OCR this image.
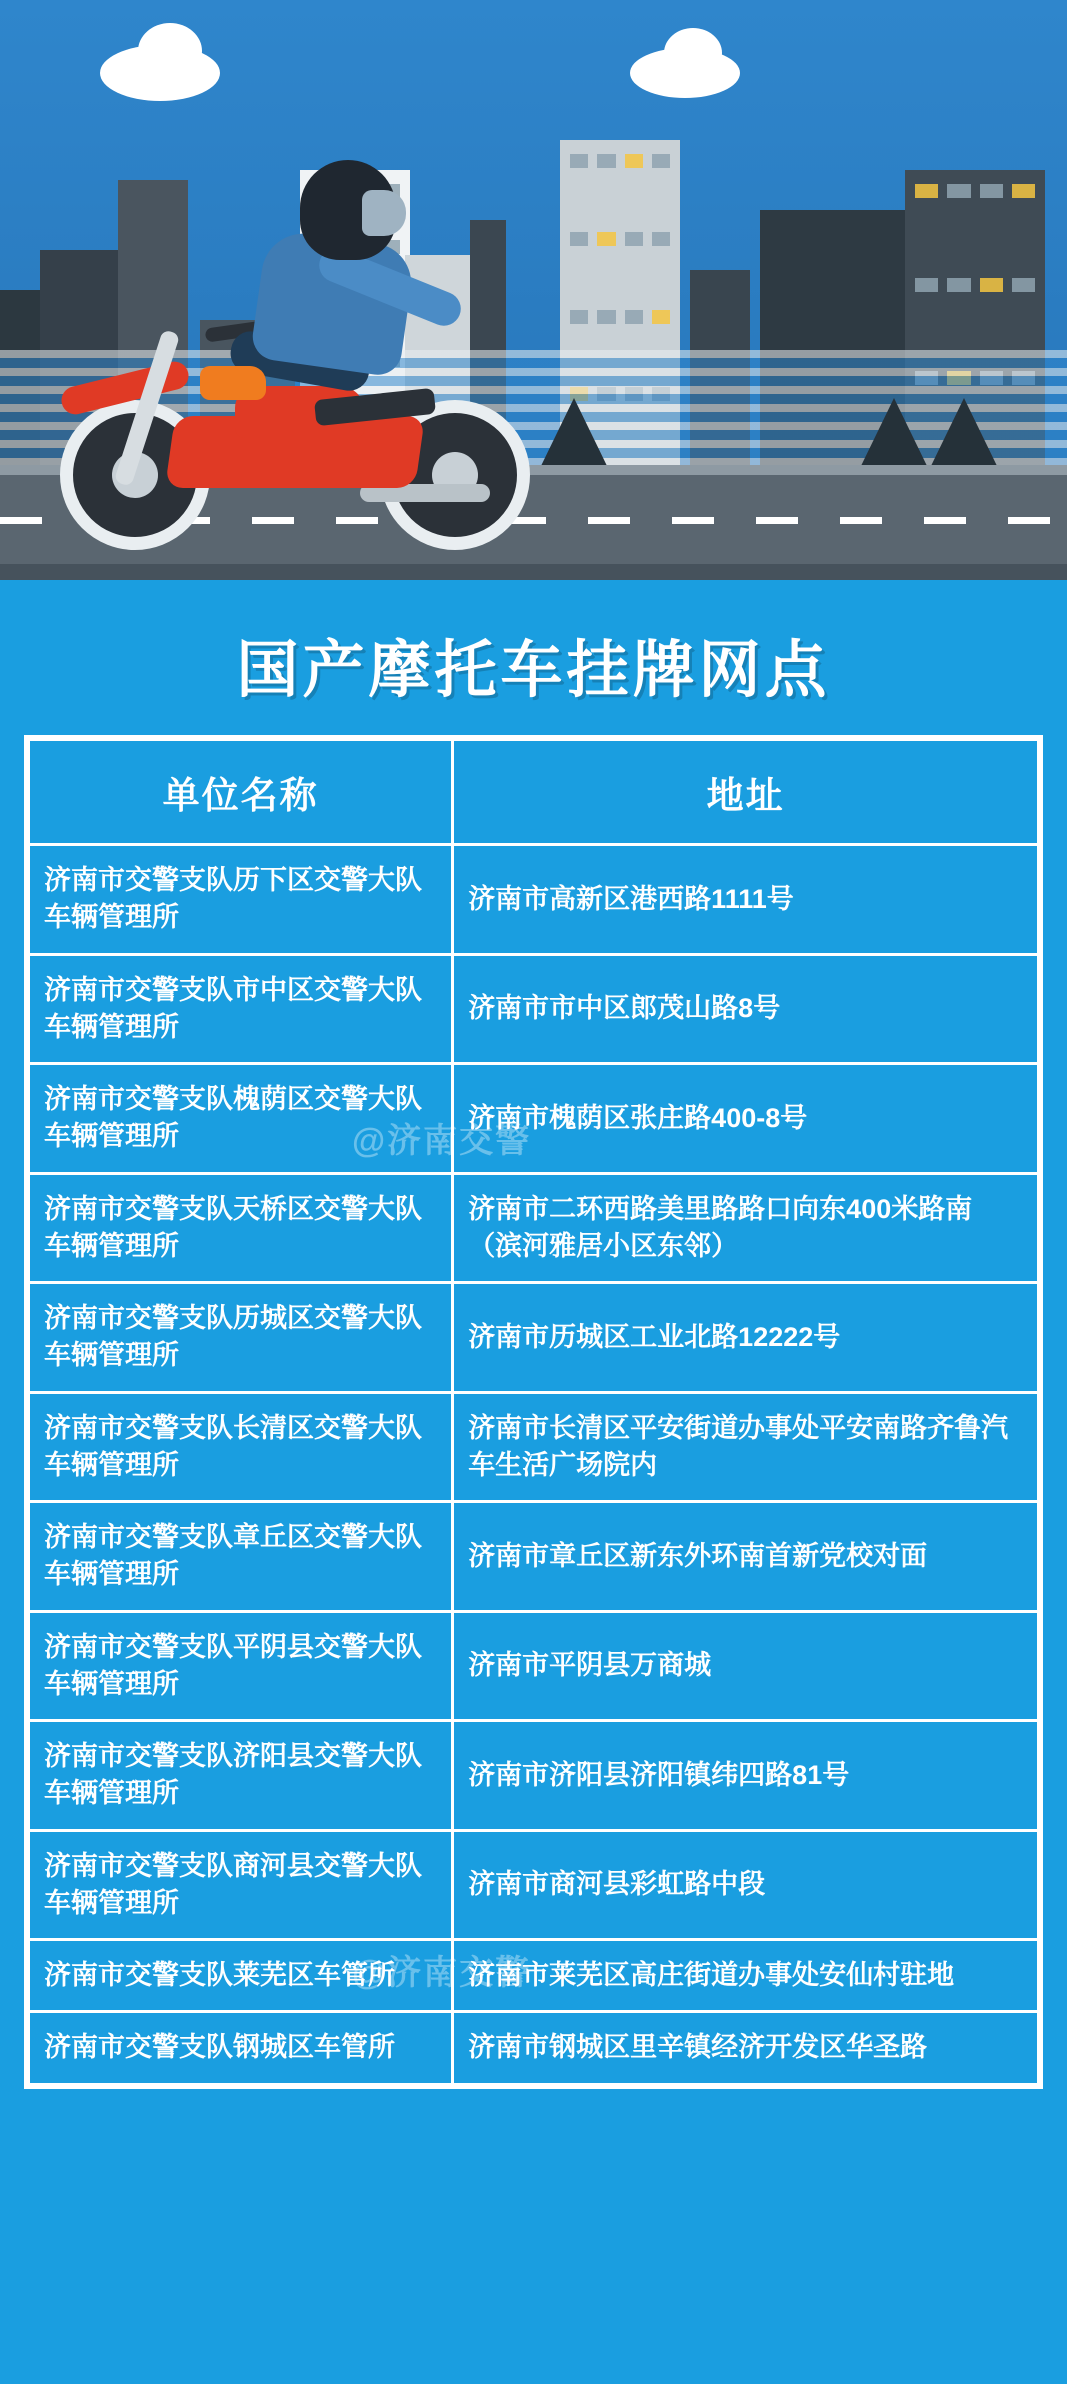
国产摩托车挂牌网点
单位名称	地址
济南市交警支队历下区交警大队车辆管理所	济南市高新区港西路1111号
济南市交警支队市中区交警大队车辆管理所	济南市市中区郎茂山路8号
济南市交警支队槐荫区交警大队车辆管理所	济南市槐荫区张庄路400-8号
济南市交警支队天桥区交警大队车辆管理所	济南市二环西路美里路路口向东400米路南（滨河雅居小区东邻）
济南市交警支队历城区交警大队车辆管理所	济南市历城区工业北路12222号
济南市交警支队长清区交警大队车辆管理所	济南市长清区平安街道办事处平安南路齐鲁汽车生活广场院内
济南市交警支队章丘区交警大队车辆管理所	济南市章丘区新东外环南首新党校对面
济南市交警支队平阴县交警大队车辆管理所	济南市平阴县万商城
济南市交警支队济阳县交警大队车辆管理所	济南市济阳县济阳镇纬四路81号
济南市交警支队商河县交警大队车辆管理所	济南市商河县彩虹路中段
济南市交警支队莱芜区车管所	济南市莱芜区高庄街道办事处安仙村驻地
济南市交警支队钢城区车管所	济南市钢城区里辛镇经济开发区华圣路
@济南交警
@济南交警
